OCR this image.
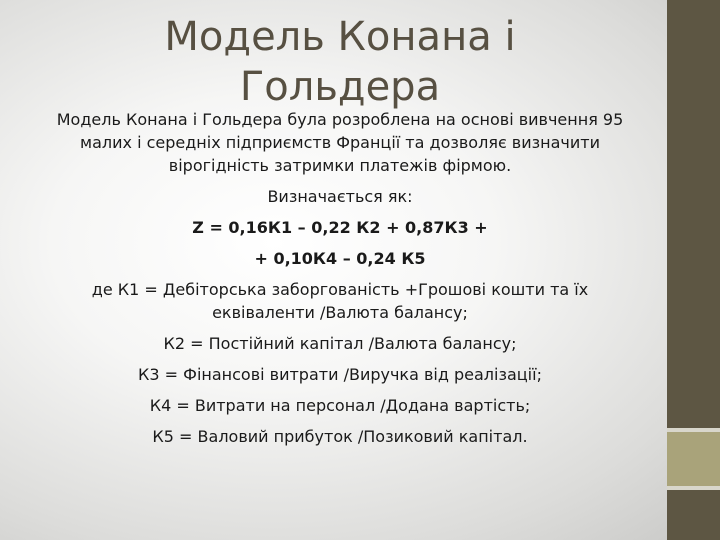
Модель Конана і Гольдера

Модель Конана і Гольдера була розроблена на основі вивчення 95 малих і середніх підприємств Франції та дозволяє визначити вірогідність затримки платежів фірмою.

Визначається як:

Z = 0,16К1 – 0,22 К2 + 0,87К3 +

+ 0,10К4 – 0,24 К5

де К1 = Дебіторська заборгованість +Грошові кошти та їх еквіваленти /Валюта балансу;

К2 = Постійний капітал /Валюта балансу;

К3 = Фінансові витрати /Виручка від реалізації;

К4 = Витрати на персонал /Додана вартість;

К5 = Валовий прибуток /Позиковий капітал.
